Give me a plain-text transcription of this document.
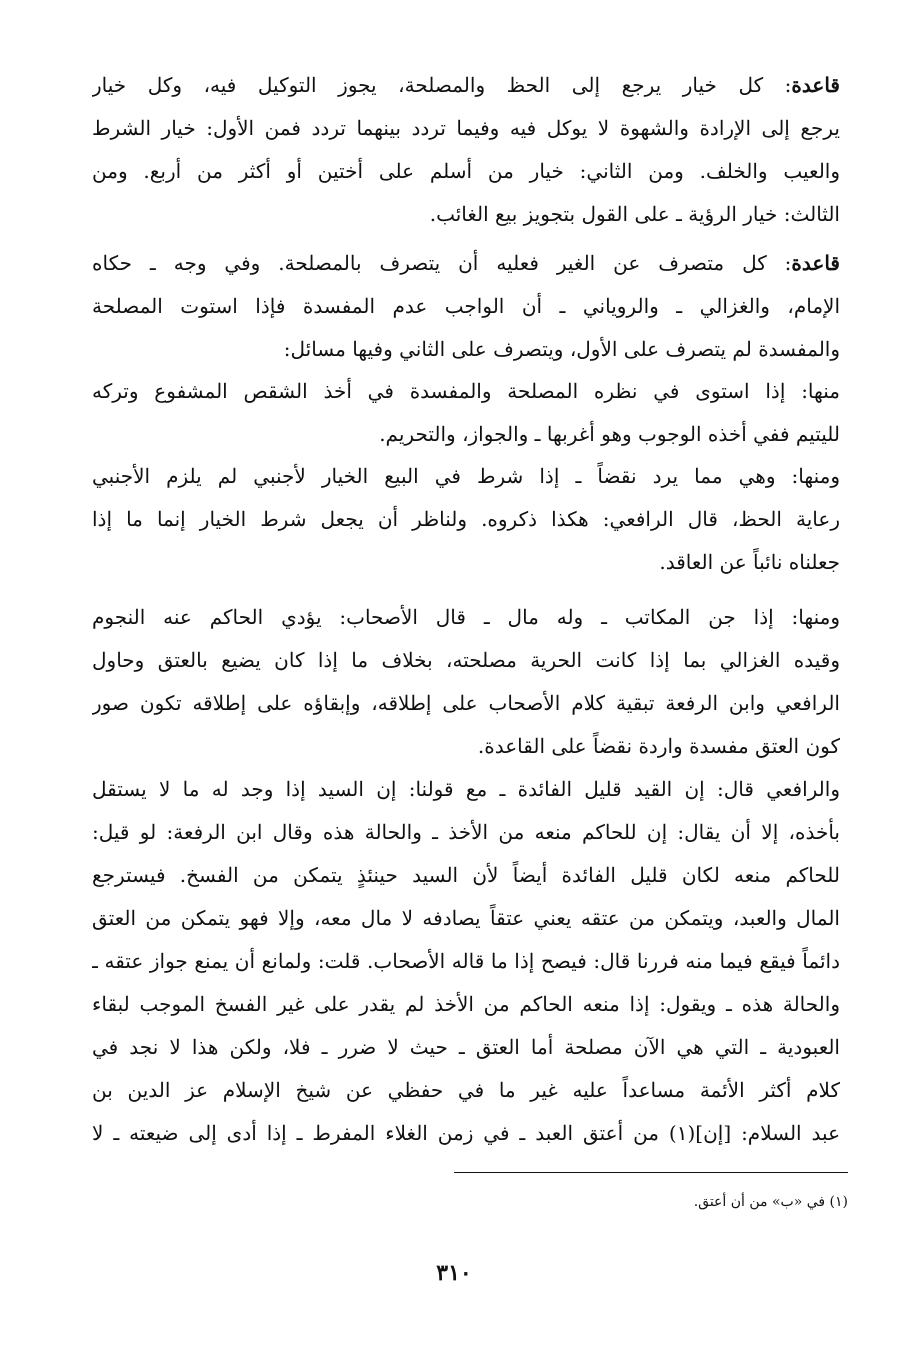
قاعدة: كل خيار يرجع إلى الحظ والمصلحة، يجوز التوكيل فيه، وكل خيار
يرجع إلى الإرادة والشهوة لا يوكل فيه وفيما تردد بينهما تردد فمن الأول: خيار الشرط
والعيب والخلف. ومن الثاني: خيار من أسلم على أختين أو أكثر من أربع. ومن
الثالث: خيار الرؤية ـ على القول بتجويز بيع الغائب.
قاعدة: كل متصرف عن الغير فعليه أن يتصرف بالمصلحة. وفي وجه ـ حكاه
الإمام، والغزالي ـ والروياني ـ أن الواجب عدم المفسدة فإذا استوت المصلحة
والمفسدة لم يتصرف على الأول، ويتصرف على الثاني وفيها مسائل:
منها: إذا استوى في نظره المصلحة والمفسدة في أخذ الشقص المشفوع وتركه
لليتيم ففي أخذه الوجوب وهو أغربها ـ والجواز، والتحريم.
ومنها: وهي مما يرد نقضاً ـ إذا شرط في البيع الخيار لأجنبي لم يلزم الأجنبي
رعاية الحظ، قال الرافعي: هكذا ذكروه. ولناظر أن يجعل شرط الخيار إنما ما إذا
جعلناه نائباً عن العاقد.
ومنها: إذا جن المكاتب ـ وله مال ـ قال الأصحاب: يؤدي الحاكم عنه النجوم
وقيده الغزالي بما إذا كانت الحرية مصلحته، بخلاف ما إذا كان يضيع بالعتق وحاول
الرافعي وابن الرفعة تبقية كلام الأصحاب على إطلاقه، وإبقاؤه على إطلاقه تكون صور
كون العتق مفسدة واردة نقضاً على القاعدة.
والرافعي قال: إن القيد قليل الفائدة ـ مع قولنا: إن السيد إذا وجد له ما لا يستقل
بأخذه، إلا أن يقال: إن للحاكم منعه من الأخذ ـ والحالة هذه وقال ابن الرفعة: لو قيل:
للحاكم منعه لكان قليل الفائدة أيضاً لأن السيد حينئذٍ يتمكن من الفسخ. فيسترجع
المال والعبد، ويتمكن من عتقه يعني عتقاً يصادفه لا مال معه، وإلا فهو يتمكن من العتق
دائماً فيقع فيما منه فررنا قال: فيصح إذا ما قاله الأصحاب. قلت: ولمانع أن يمنع جواز عتقه ـ
والحالة هذه ـ ويقول: إذا منعه الحاكم من الأخذ لم يقدر على غير الفسخ الموجب لبقاء
العبودية ـ التي هي الآن مصلحة أما العتق ـ حيث لا ضرر ـ فلا، ولكن هذا لا نجد في
كلام أكثر الأئمة مساعداً عليه غير ما في حفظي عن شيخ الإسلام عز الدين بن
عبد السلام: [إن](١) من أعتق العبد ـ في زمن الغلاء المفرط ـ إذا أدى إلى ضيعته ـ لا
(١) في «ب» من أن أعتق.
٣١٠
